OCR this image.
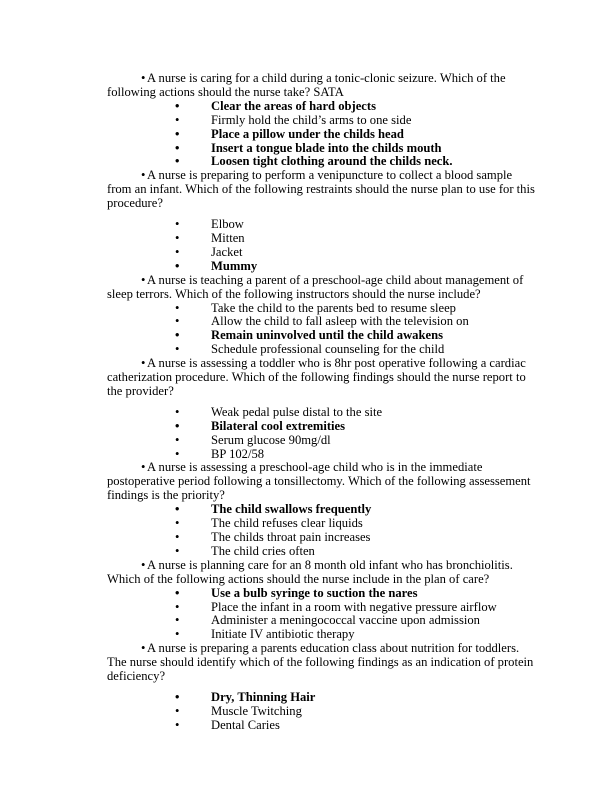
• A nurse is caring for a child during a tonic-clonic seizure. Which of the following actions should the nurse take? SATA
•	Clear the areas of hard objects
•	Firmly hold the child’s arms to one side
•	Place a pillow under the childs head
•	Insert a tongue blade into the childs mouth
•	Loosen tight clothing around the childs neck.
• A nurse is preparing to perform a venipuncture to collect a blood sample from an infant. Which of the following restraints should the nurse plan to use for this procedure?
•	Elbow
•	Mitten
•	Jacket
•	Mummy
• A nurse is teaching a parent of a preschool-age child about management of sleep terrors. Which of the following instructors should the nurse include?
•	Take the child to the parents bed to resume sleep
•	Allow the child to fall asleep with the television on
•	Remain uninvolved until the child awakens
•	Schedule professional counseling for the child
• A nurse is assessing a toddler who is 8hr post operative following a cardiac catherization procedure. Which of the following findings should the nurse report to the provider?
•	Weak pedal pulse distal to the site
•	Bilateral cool extremities
•	Serum glucose 90mg/dl
•	BP 102/58
• A nurse is assessing a preschool-age child who is in the immediate postoperative period following a tonsillectomy. Which of the following assessement findings is the priority?
•	The child swallows frequently
•	The child refuses clear liquids
•	The childs throat pain increases
•	The child cries often
• A nurse is planning care for an 8 month old infant who has bronchiolitis. Which of the following actions should the nurse include in the plan of care?
•	Use a bulb syringe to suction the nares
•	Place the infant in a room with negative pressure airflow
•	Administer a meningococcal vaccine upon admission
•	Initiate IV antibiotic therapy
• A nurse is preparing a parents education class about nutrition for toddlers. The nurse should identify which of the following findings as an indication of protein deficiency?
•	Dry, Thinning Hair
•	Muscle Twitching
•	Dental Caries
